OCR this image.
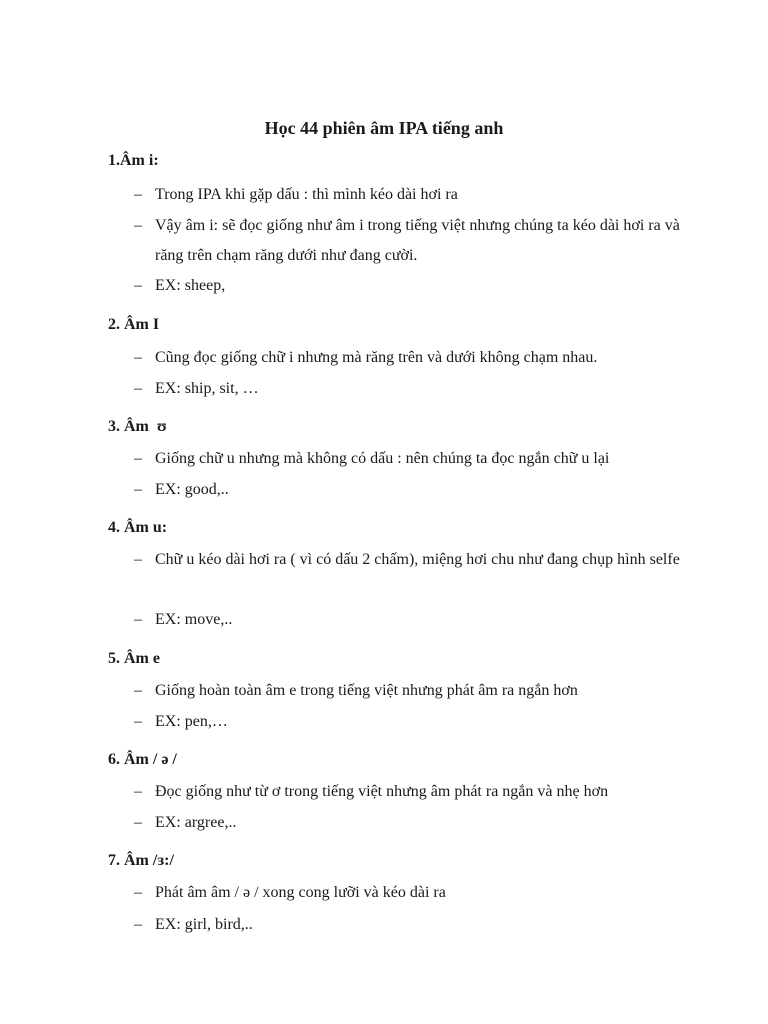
Học 44 phiên âm IPA tiếng anh
1.Âm i:

– Trong IPA khi gặp dấu : thì mình kéo dài hơi ra

– Vậy âm i: sẽ đọc giống như âm i trong tiếng việt nhưng chúng ta kéo dài hơi ra và răng trên chạm răng dưới như đang cười.

– EX: sheep,

2. Âm I

– Cũng đọc giống chữ i nhưng mà răng trên và dưới không chạm nhau.

– EX: ship, sit, …

3. Âm  ʊ

– Giống chữ u nhưng mà không có dấu : nên chúng ta đọc ngắn chữ u lại

– EX: good,..

4. Âm u:

– Chữ u kéo dài hơi ra ( vì có dấu 2 chấm), miệng hơi chu như đang chụp hình selfe

– EX: move,..

5. Âm e

– Giống hoàn toàn âm e trong tiếng việt nhưng phát âm ra ngắn hơn

– EX: pen,…

6. Âm / ə /

– Đọc giống như từ ơ trong tiếng việt nhưng âm phát ra ngắn và nhẹ hơn

– EX: argree,..

7. Âm /ɜ:/

– Phát âm âm / ə / xong cong lưỡi và kéo dài ra

– EX: girl, bird,..
